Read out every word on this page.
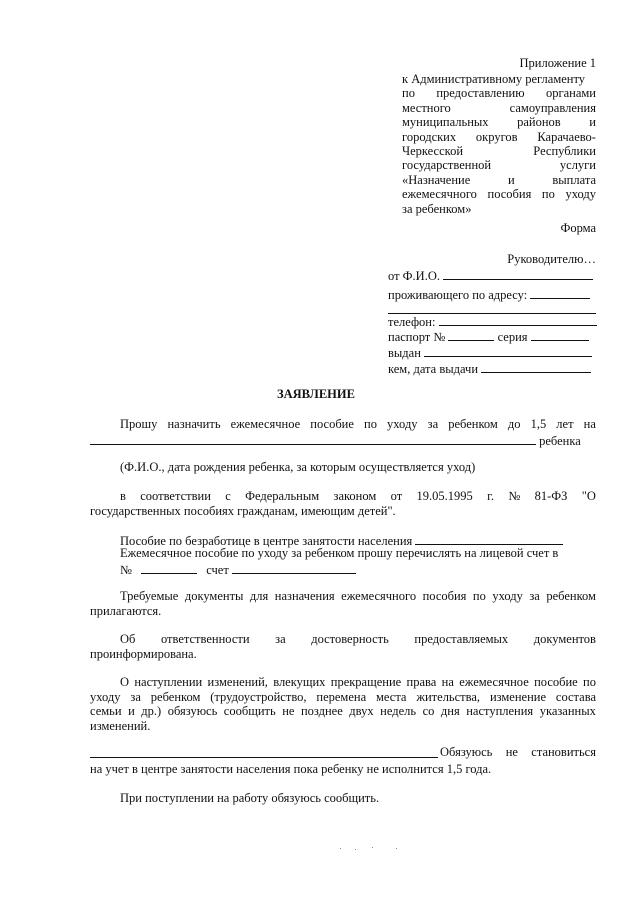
Приложение 1
к Административному регламенту
по предоставлению органами
местного	самоуправления
муниципальных районов и
городских округов Карачаево-
Черкесской	Республики
государственной	услуги
«Назначение	и	выплата
ежемесячного пособия по уходу
за ребенком»
Форма
Руководителю…
от Ф.И.О.
проживающего по адресу:
телефон:
паспорт №	серия
выдан
кем, дата выдачи
ЗАЯВЛЕНИЕ
Прошу назначить ежемесячное пособие по уходу за ребенком до 1,5 лет на
ребенка
(Ф.И.О., дата рождения ребенка, за которым осуществляется уход)
в соответствии с Федеральным законом от 19.05.1995 г. № 81-ФЗ "О
государственных пособиях гражданам, имеющим детей".
Пособие по безработице в центре занятости населения
Ежемесячное пособие по уходу за ребенком прошу перечислять на лицевой счет в
№	счет
Требуемые документы для назначения ежемесячного пособия по уходу за ребенком
прилагаются.
Об ответственности за достоверность предоставляемых документов
проинформирована.
О наступлении изменений, влекущих прекращение права на ежемесячное пособие по
уходу за ребенком (трудоустройство, перемена места жительства, изменение состава
семьи и др.) обязуюсь сообщить не позднее двух недель со дня наступления указанных
изменений.
Обязуюсь не становиться
на учет в центре занятости населения пока ребенку не исполнится 1,5 года.
При поступлении на работу обязуюсь сообщить.
